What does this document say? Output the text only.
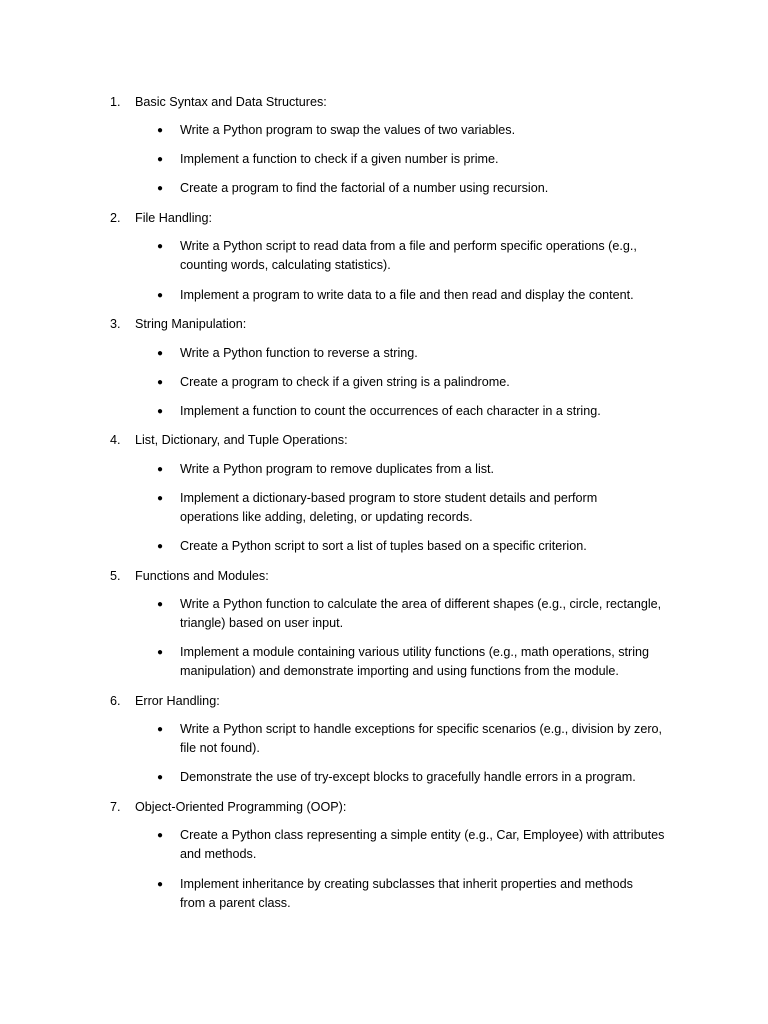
1.	Basic Syntax and Data Structures:
● Write a Python program to swap the values of two variables.
● Implement a function to check if a given number is prime.
● Create a program to find the factorial of a number using recursion.
2.	File Handling:
● Write a Python script to read data from a file and perform specific operations (e.g.,
counting words, calculating statistics).
● Implement a program to write data to a file and then read and display the content.
3.	String Manipulation:
● Write a Python function to reverse a string.
● Create a program to check if a given string is a palindrome.
● Implement a function to count the occurrences of each character in a string.
4.	List, Dictionary, and Tuple Operations:
● Write a Python program to remove duplicates from a list.
● Implement a dictionary-based program to store student details and perform
operations like adding, deleting, or updating records.
● Create a Python script to sort a list of tuples based on a specific criterion.
5.	Functions and Modules:
● Write a Python function to calculate the area of different shapes (e.g., circle, rectangle,
triangle) based on user input.
● Implement a module containing various utility functions (e.g., math operations, string
manipulation) and demonstrate importing and using functions from the module.
6.	Error Handling:
● Write a Python script to handle exceptions for specific scenarios (e.g., division by zero,
file not found).
● Demonstrate the use of try-except blocks to gracefully handle errors in a program.
7.	Object-Oriented Programming (OOP):
● Create a Python class representing a simple entity (e.g., Car, Employee) with attributes
and methods.
● Implement inheritance by creating subclasses that inherit properties and methods
from a parent class.
